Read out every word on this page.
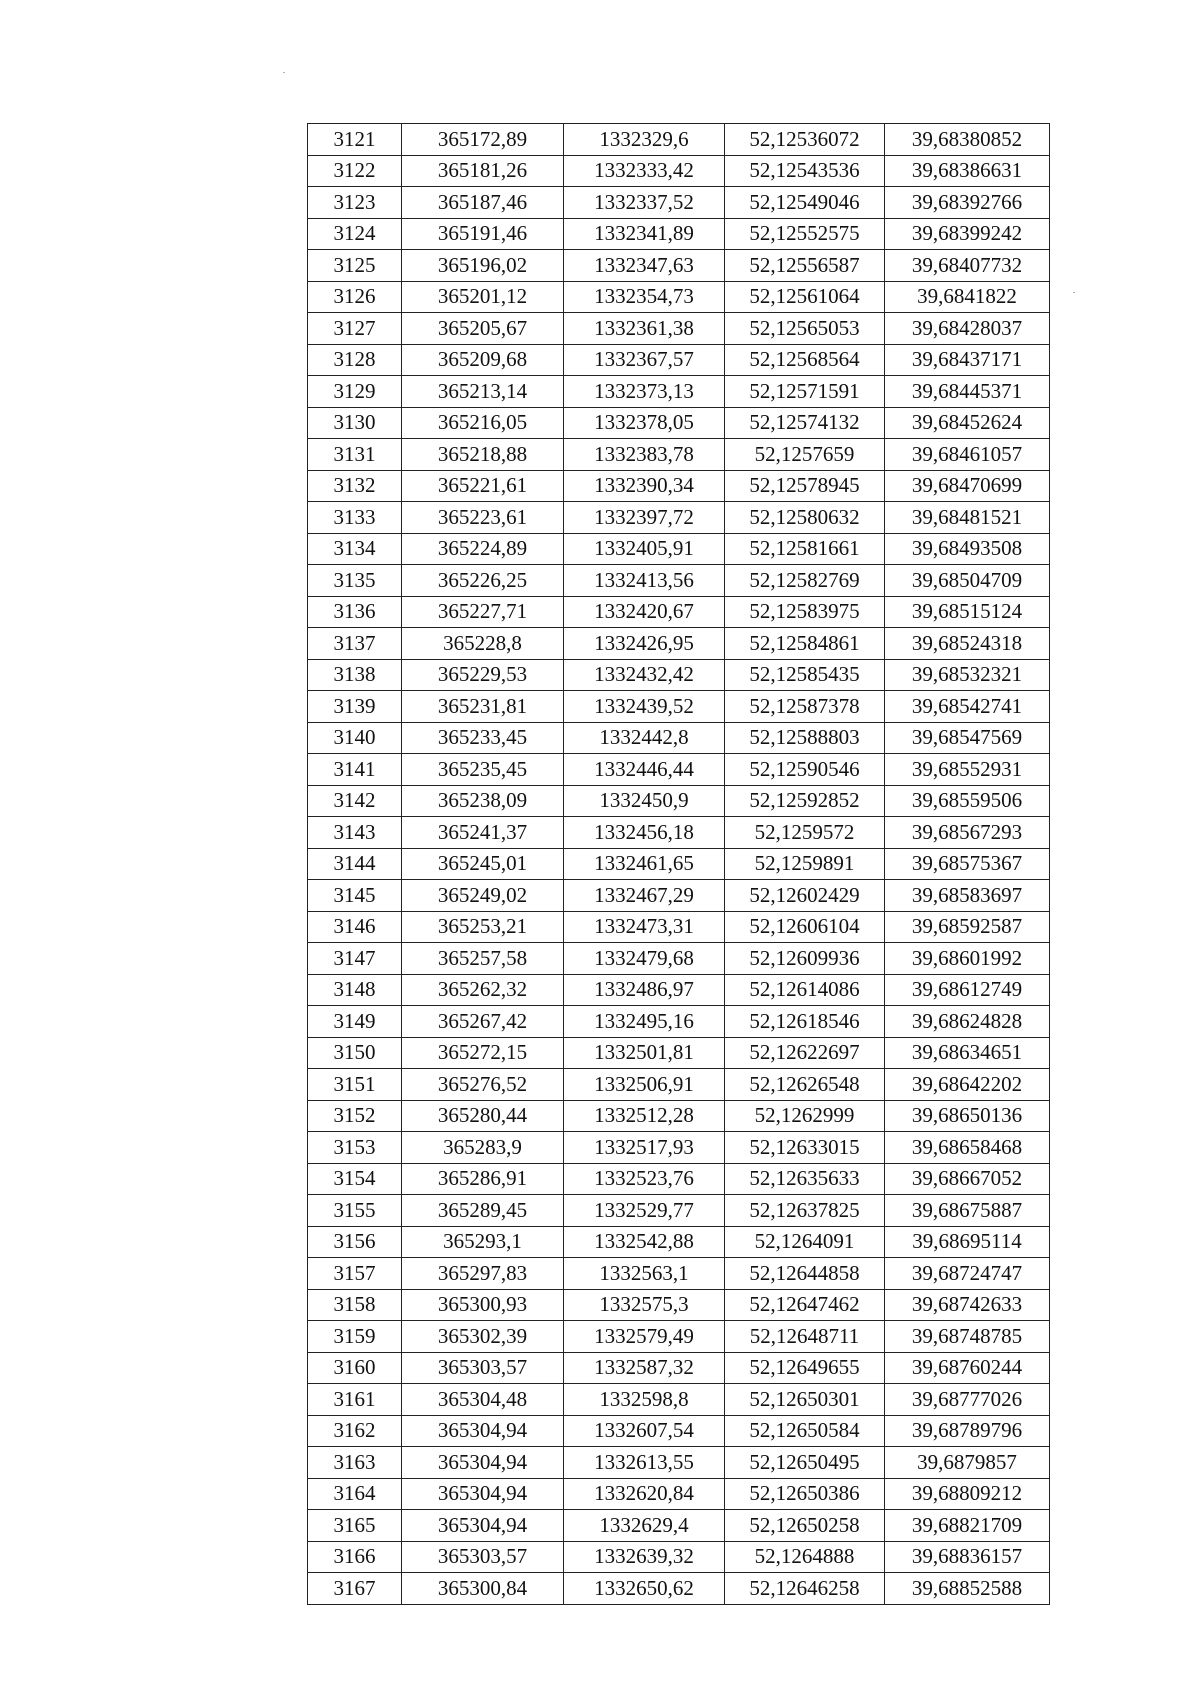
3121	365172,89	1332329,6	52,12536072	39,68380852
3122	365181,26	1332333,42	52,12543536	39,68386631
3123	365187,46	1332337,52	52,12549046	39,68392766
3124	365191,46	1332341,89	52,12552575	39,68399242
3125	365196,02	1332347,63	52,12556587	39,68407732
3126	365201,12	1332354,73	52,12561064	39,6841822
3127	365205,67	1332361,38	52,12565053	39,68428037
3128	365209,68	1332367,57	52,12568564	39,68437171
3129	365213,14	1332373,13	52,12571591	39,68445371
3130	365216,05	1332378,05	52,12574132	39,68452624
3131	365218,88	1332383,78	52,1257659	39,68461057
3132	365221,61	1332390,34	52,12578945	39,68470699
3133	365223,61	1332397,72	52,12580632	39,68481521
3134	365224,89	1332405,91	52,12581661	39,68493508
3135	365226,25	1332413,56	52,12582769	39,68504709
3136	365227,71	1332420,67	52,12583975	39,68515124
3137	365228,8	1332426,95	52,12584861	39,68524318
3138	365229,53	1332432,42	52,12585435	39,68532321
3139	365231,81	1332439,52	52,12587378	39,68542741
3140	365233,45	1332442,8	52,12588803	39,68547569
3141	365235,45	1332446,44	52,12590546	39,68552931
3142	365238,09	1332450,9	52,12592852	39,68559506
3143	365241,37	1332456,18	52,1259572	39,68567293
3144	365245,01	1332461,65	52,1259891	39,68575367
3145	365249,02	1332467,29	52,12602429	39,68583697
3146	365253,21	1332473,31	52,12606104	39,68592587
3147	365257,58	1332479,68	52,12609936	39,68601992
3148	365262,32	1332486,97	52,12614086	39,68612749
3149	365267,42	1332495,16	52,12618546	39,68624828
3150	365272,15	1332501,81	52,12622697	39,68634651
3151	365276,52	1332506,91	52,12626548	39,68642202
3152	365280,44	1332512,28	52,1262999	39,68650136
3153	365283,9	1332517,93	52,12633015	39,68658468
3154	365286,91	1332523,76	52,12635633	39,68667052
3155	365289,45	1332529,77	52,12637825	39,68675887
3156	365293,1	1332542,88	52,1264091	39,68695114
3157	365297,83	1332563,1	52,12644858	39,68724747
3158	365300,93	1332575,3	52,12647462	39,68742633
3159	365302,39	1332579,49	52,12648711	39,68748785
3160	365303,57	1332587,32	52,12649655	39,68760244
3161	365304,48	1332598,8	52,12650301	39,68777026
3162	365304,94	1332607,54	52,12650584	39,68789796
3163	365304,94	1332613,55	52,12650495	39,6879857
3164	365304,94	1332620,84	52,12650386	39,68809212
3165	365304,94	1332629,4	52,12650258	39,68821709
3166	365303,57	1332639,32	52,1264888	39,68836157
3167	365300,84	1332650,62	52,12646258	39,68852588
